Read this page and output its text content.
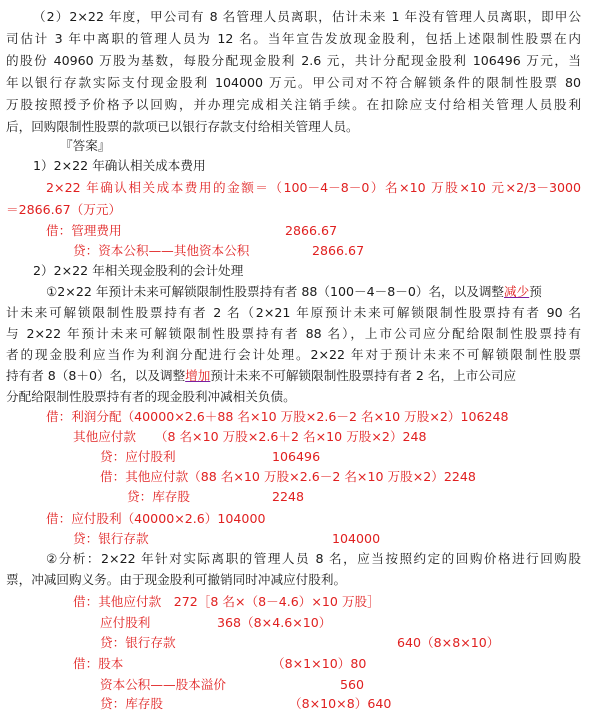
（2）2×22 年度，甲公司有 8 名管理人员离职，估计未来 1 年没有管理人员离职，即甲公
司估计 3 年中离职的管理人员为 12 名。当年宣告发放现金股利，包括上述限制性股票在内
的股份 40960 万股为基数，每股分配现金股利 2.6 元，共计分配现金股利 106496 万元，当
年以银行存款实际支付现金股利 104000 万元。甲公司对不符合解锁条件的限制性股票 80
万股按照授予价格予以回购，并办理完成相关注销手续。在扣除应支付给相关管理人员股利
后，回购限制性股票的款项已以银行存款支付给相关管理人员。
『答案』
1）2×22 年确认相关成本费用
2×22 年确认相关成本费用的金额＝（100－4－8－0）名×10 万股×10 元×2/3－3000
＝2866.67（万元）
借：管理费用	2866.67
贷：资本公积——其他资本公积	2866.67
2）2×22 年相关现金股利的会计处理
①2×22 年预计未来可解锁限制性股票持有者 88（100－4－8－0）名，以及调整减少预
计未来可解锁限制性股票持有者 2 名（2×21 年原预计未来可解锁限制性股票持有者 90 名
与 2×22 年预计未来可解锁限制性股票持有者 88 名），上市公司应分配给限制性股票持有
者的现金股利应当作为利润分配进行会计处理。2×22 年对于预计未来不可解锁限制性股票
持有者 8（8＋0）名，以及调整增加预计未来不可解锁限制性股票持有者 2 名，上市公司应
分配给限制性股票持有者的现金股利冲减相关负债。
借：利润分配（40000×2.6＋88 名×10 万股×2.6－2 名×10 万股×2）106248
其他应付款　　（8 名×10 万股×2.6＋2 名×10 万股×2）248
贷：应付股利	106496
借：其他应付款（88 名×10 万股×2.6－2 名×10 万股×2）2248
贷：库存股	2248
借：应付股利（40000×2.6）104000
贷：银行存款	104000
②分析：2×22 年针对实际离职的管理人员 8 名，应当按照约定的回购价格进行回购股
票，冲减回购义务。由于现金股利可撤销同时冲减应付股利。
借：其他应付款　272［8 名×（8－4.6）×10 万股］
应付股利	368（8×4.6×10）
贷：银行存款	640（8×8×10）
借：股本	（8×1×10）80
资本公积——股本溢价	560
贷：库存股	（8×10×8）640
